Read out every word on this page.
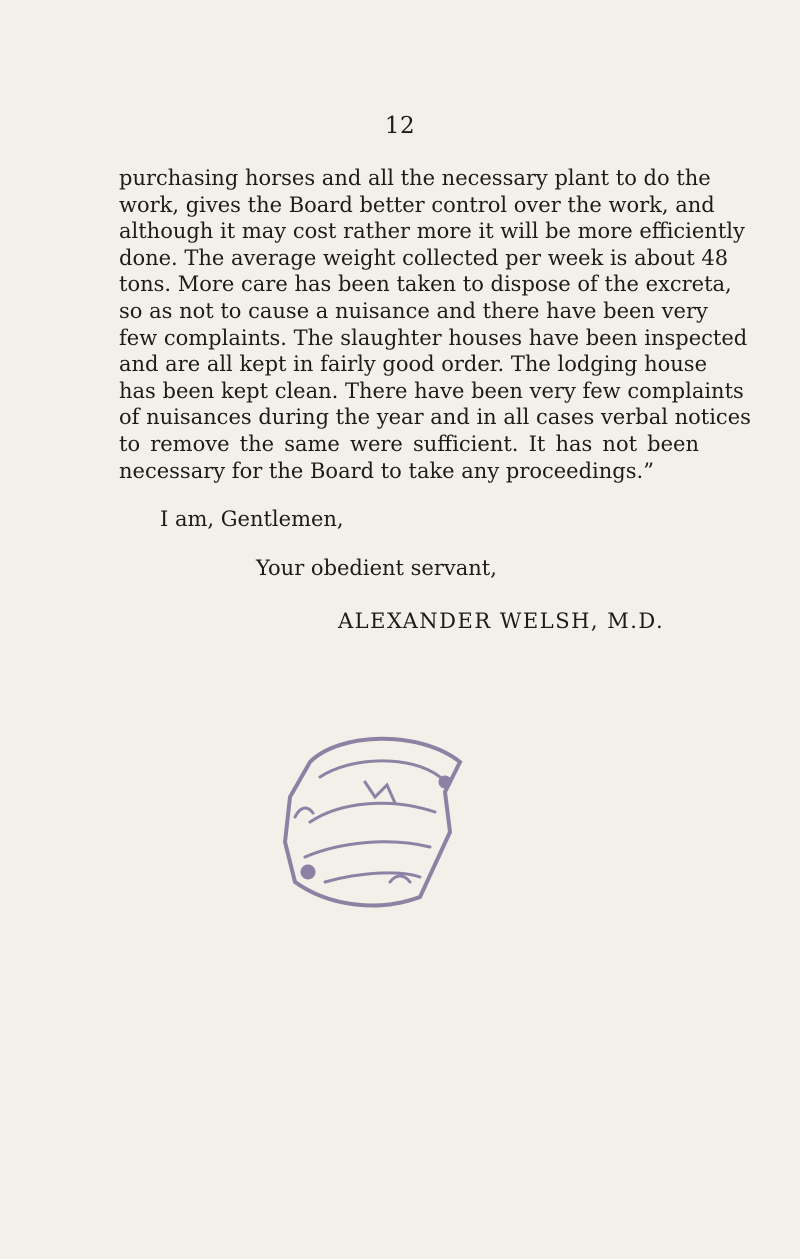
12
purchasing horses and all the necessary plant to do the
work, gives the Board better control over the work, and
although it may cost rather more it will be more efficiently
done. The average weight collected per week is about 48
tons. More care has been taken to dispose of the excreta,
so as not to cause a nuisance and there have been very
few complaints. The slaughter houses have been inspected
and are all kept in fairly good order. The lodging house
has been kept clean. There have been very few complaints
of nuisances during the year and in all cases verbal notices
to remove the same were sufficient. It has not been
necessary for the Board to take any proceedings.”
I am, Gentlemen,
Your obedient servant,
ALEXANDER WELSH, M.D.
